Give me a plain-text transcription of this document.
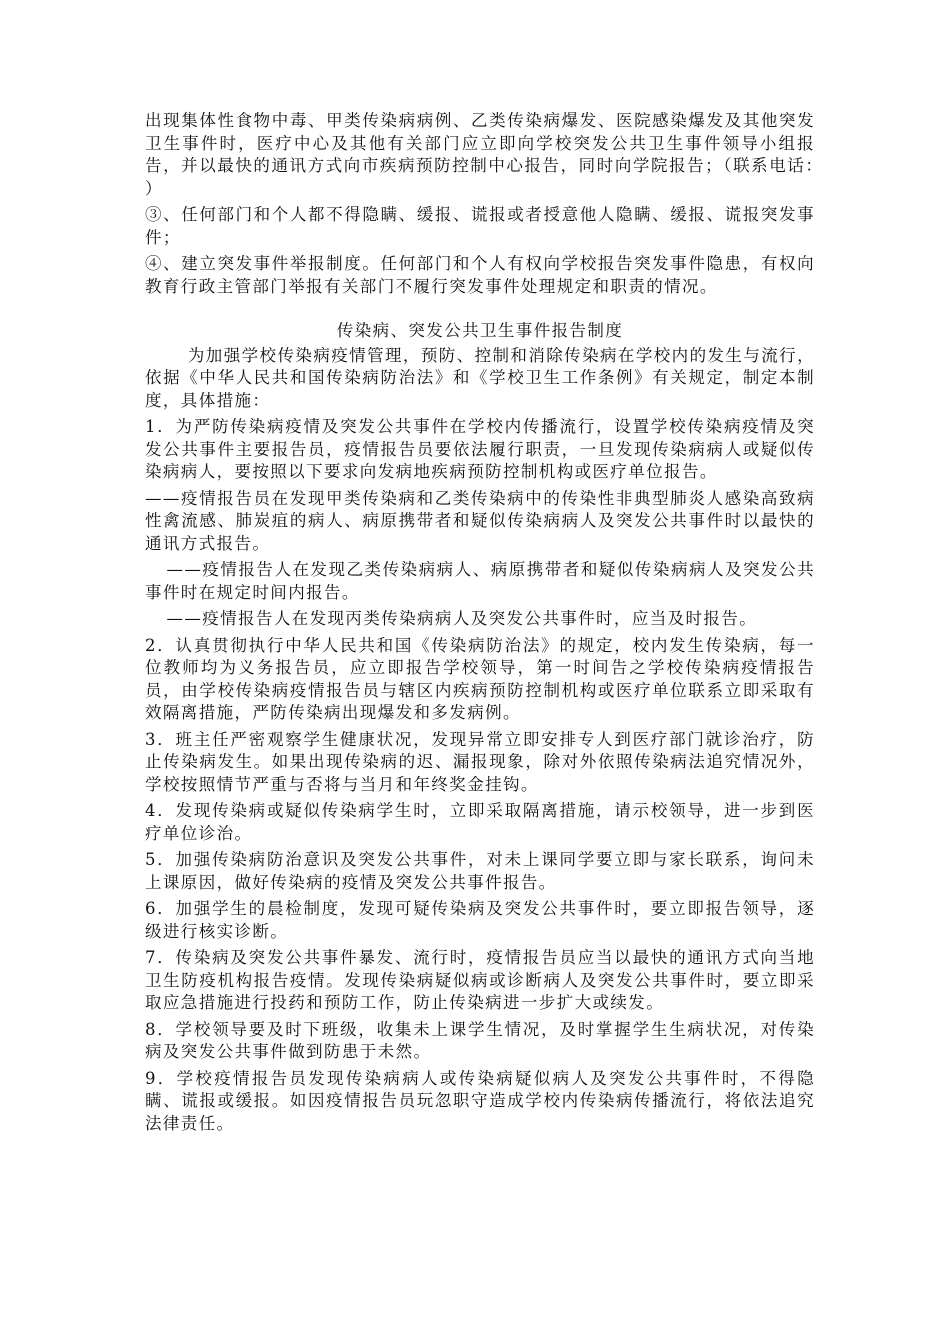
出现集体性食物中毒、甲类传染病病例、乙类传染病爆发、医院感染爆发及其他突发卫生事件时，医疗中心及其他有关部门应立即向学校突发公共卫生事件领导小组报告，并以最快的通讯方式向市疾病预防控制中心报告，同时向学院报告；（联系电话：　　　　）

③、任何部门和个人都不得隐瞒、缓报、谎报或者授意他人隐瞒、缓报、谎报突发事件；

④、建立突发事件举报制度。任何部门和个人有权向学校报告突发事件隐患，有权向教育行政主管部门举报有关部门不履行突发事件处理规定和职责的情况。

传染病、突发公共卫生事件报告制度

为加强学校传染病疫情管理，预防、控制和消除传染病在学校内的发生与流行，依据《中华人民共和国传染病防治法》和《学校卫生工作条例》有关规定，制定本制度，具体措施：

1．为严防传染病疫情及突发公共事件在学校内传播流行，设置学校传染病疫情及突发公共事件主要报告员，疫情报告员要依法履行职责，一旦发现传染病病人或疑似传染病病人，要按照以下要求向发病地疾病预防控制机构或医疗单位报告。

——疫情报告员在发现甲类传染病和乙类传染病中的传染性非典型肺炎人感染高致病性禽流感、肺炭疽的病人、病原携带者和疑似传染病病人及突发公共事件时以最快的通讯方式报告。

——疫情报告人在发现乙类传染病病人、病原携带者和疑似传染病病人及突发公共事件时在规定时间内报告。

——疫情报告人在发现丙类传染病病人及突发公共事件时，应当及时报告。

2．认真贯彻执行中华人民共和国《传染病防治法》的规定，校内发生传染病，每一位教师均为义务报告员，应立即报告学校领导，第一时间告之学校传染病疫情报告员，由学校传染病疫情报告员与辖区内疾病预防控制机构或医疗单位联系立即采取有效隔离措施，严防传染病出现爆发和多发病例。

3．班主任严密观察学生健康状况，发现异常立即安排专人到医疗部门就诊治疗，防止传染病发生。如果出现传染病的迟、漏报现象，除对外依照传染病法追究情况外，学校按照情节严重与否将与当月和年终奖金挂钩。

4．发现传染病或疑似传染病学生时，立即采取隔离措施，请示校领导，进一步到医疗单位诊治。

5．加强传染病防治意识及突发公共事件，对未上课同学要立即与家长联系，询问未上课原因，做好传染病的疫情及突发公共事件报告。

6．加强学生的晨检制度，发现可疑传染病及突发公共事件时，要立即报告领导，逐级进行核实诊断。

7．传染病及突发公共事件暴发、流行时，疫情报告员应当以最快的通讯方式向当地卫生防疫机构报告疫情。发现传染病疑似病或诊断病人及突发公共事件时，要立即采取应急措施进行投药和预防工作，防止传染病进一步扩大或续发。

8．学校领导要及时下班级，收集未上课学生情况，及时掌握学生生病状况，对传染病及突发公共事件做到防患于未然。

9．学校疫情报告员发现传染病病人或传染病疑似病人及突发公共事件时，不得隐瞒、谎报或缓报。如因疫情报告员玩忽职守造成学校内传染病传播流行，将依法追究法律责任。
